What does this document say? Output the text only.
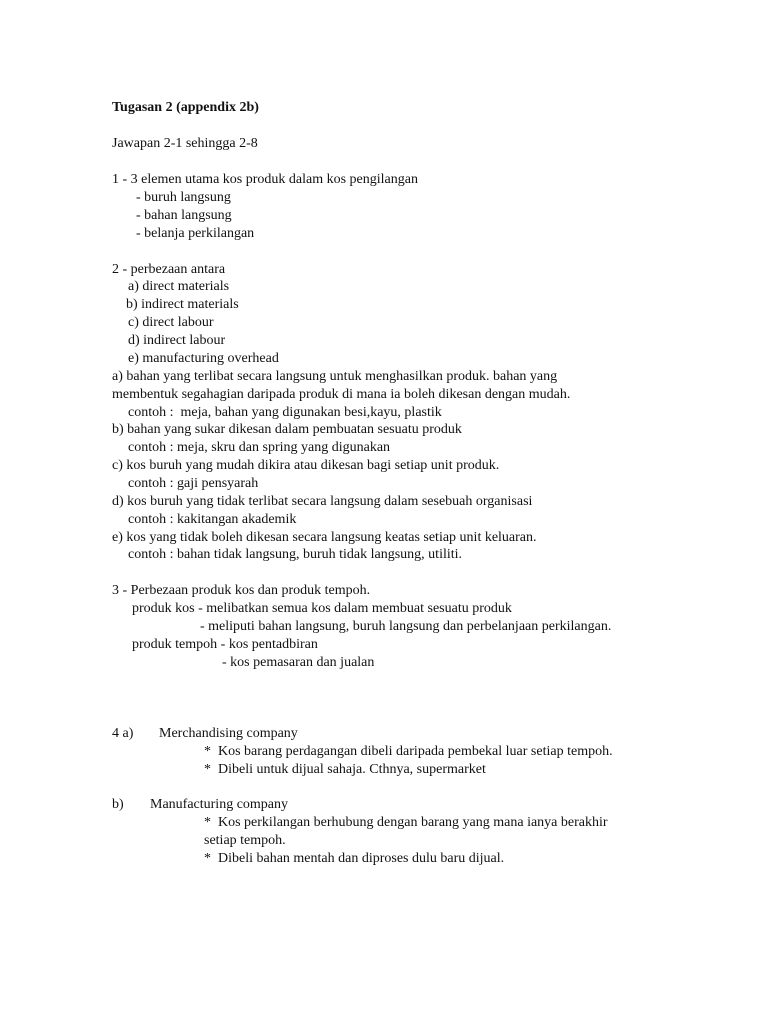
Tugasan 2 (appendix 2b)

Jawapan 2-1 sehingga 2-8

1 - 3 elemen utama kos produk dalam kos pengilangan

- buruh langsung

- bahan langsung

- belanja perkilangan

2 - perbezaan antara

a) direct materials

b) indirect materials

c) direct labour

d) indirect labour

e) manufacturing overhead

a) bahan yang terlibat secara langsung untuk menghasilkan produk. bahan yang

membentuk segahagian daripada produk di mana ia boleh dikesan dengan mudah.

contoh :  meja, bahan yang digunakan besi,kayu, plastik

b) bahan yang sukar dikesan dalam pembuatan sesuatu produk

contoh : meja, skru dan spring yang digunakan

c) kos buruh yang mudah dikira atau dikesan bagi setiap unit produk.

contoh : gaji pensyarah

d) kos buruh yang tidak terlibat secara langsung dalam sesebuah organisasi

contoh : kakitangan akademik

e) kos yang tidak boleh dikesan secara langsung keatas setiap unit keluaran.

contoh : bahan tidak langsung, buruh tidak langsung, utiliti.

3 - Perbezaan produk kos dan produk tempoh.

produk kos - melibatkan semua kos dalam membuat sesuatu produk

- meliputi bahan langsung, buruh langsung dan perbelanjaan perkilangan.

produk tempoh - kos pentadbiran

- kos pemasaran dan jualan

4 a) Merchandising company

* Kos barang perdagangan dibeli daripada pembekal luar setiap tempoh.

* Dibeli untuk dijual sahaja. Cthnya, supermarket

b) Manufacturing company

* Kos perkilangan berhubung dengan barang yang mana ianya berakhir

setiap tempoh.

* Dibeli bahan mentah dan diproses dulu baru dijual.
